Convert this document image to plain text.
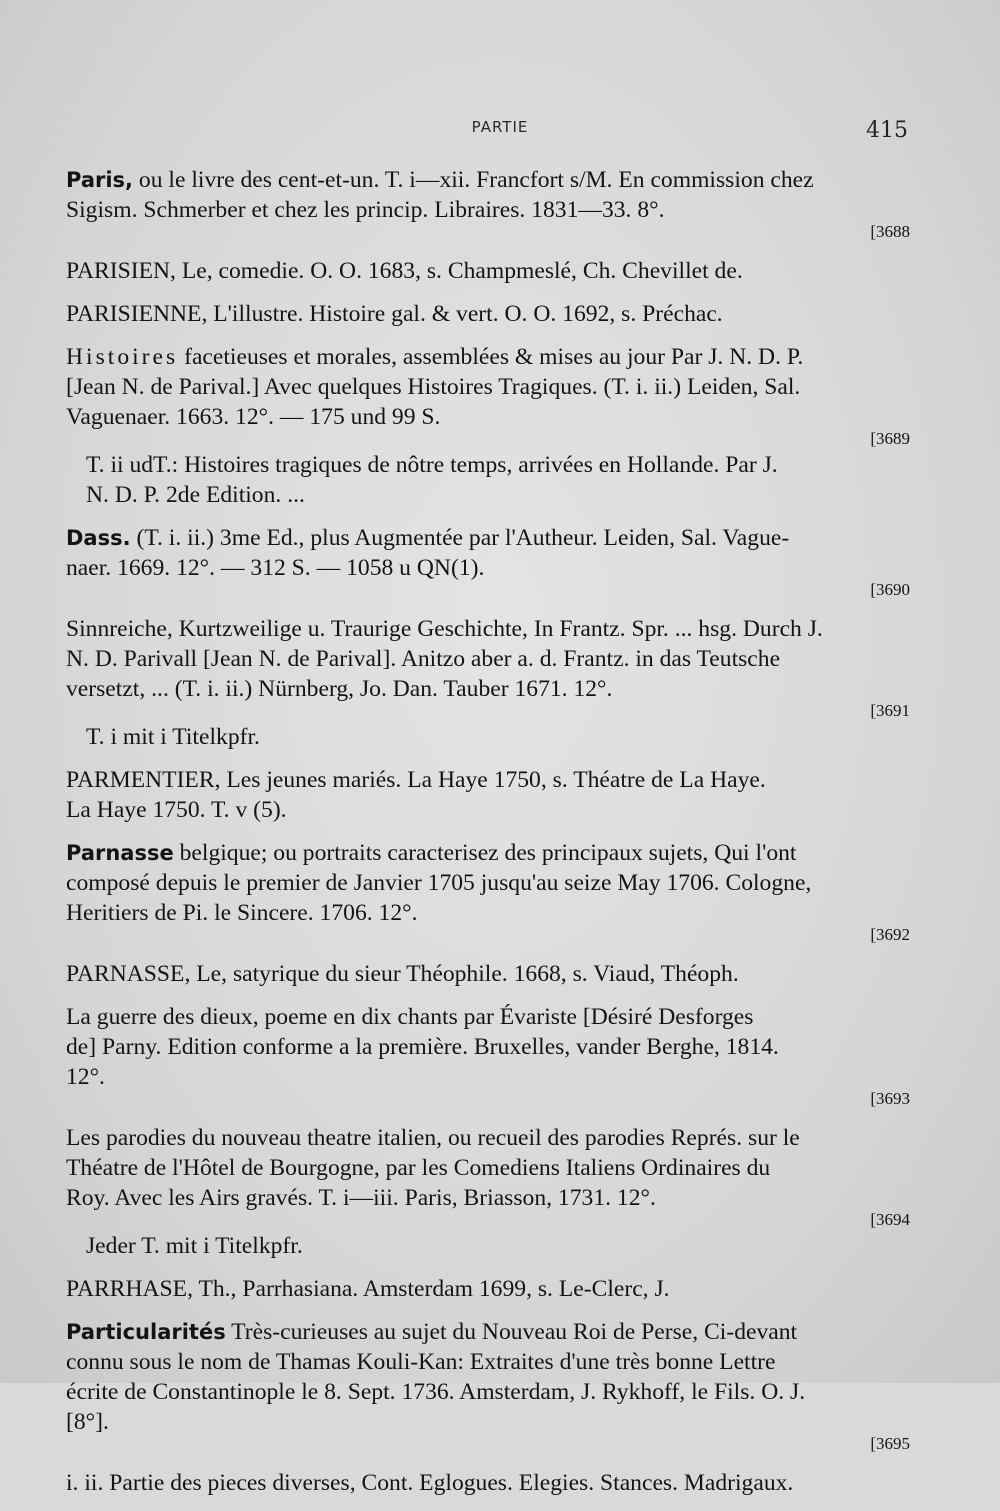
PARTIE	415
Paris, ou le livre des cent-et-un. T. i—xii. Francfort s/M. En commission chez
Sigism. Schmerber et chez les princip. Libraires. 1831—33. 8°.
[3688
PARISIEN, Le, comedie. O. O. 1683, s. Champmeslé, Ch. Chevillet de.
PARISIENNE, L'illustre. Histoire gal. & vert. O. O. 1692, s. Préchac.
Histoires facetieuses et morales, assemblées & mises au jour Par J. N. D. P.
[Jean N. de Parival.] Avec quelques Histoires Tragiques. (T. i. ii.) Leiden, Sal.
Vaguenaer. 1663. 12°. — 175 und 99 S.
[3689
T. ii udT.: Histoires tragiques de nôtre temps, arrivées en Hollande. Par J.
N. D. P. 2de Edition. ...
Dass. (T. i. ii.) 3me Ed., plus Augmentée par l'Autheur. Leiden, Sal. Vague-
naer. 1669. 12°. — 312 S. — 1058 u QN(1).
[3690
Sinnreiche, Kurtzweilige u. Traurige Geschichte, In Frantz. Spr. ... hsg. Durch J.
N. D. Parivall [Jean N. de Parival]. Anitzo aber a. d. Frantz. in das Teutsche
versetzt, ... (T. i. ii.) Nürnberg, Jo. Dan. Tauber 1671. 12°.
[3691
T. i mit i Titelkpfr.
PARMENTIER, Les jeunes mariés. La Haye 1750, s. Théatre de La Haye.
La Haye 1750. T. v (5).
Parnasse belgique; ou portraits caracterisez des principaux sujets, Qui l'ont
composé depuis le premier de Janvier 1705 jusqu'au seize May 1706. Cologne,
Heritiers de Pi. le Sincere. 1706. 12°.
[3692
PARNASSE, Le, satyrique du sieur Théophile. 1668, s. Viaud, Théoph.
La guerre des dieux, poeme en dix chants par Évariste [Désiré Desforges
de] Parny. Edition conforme a la première. Bruxelles, vander Berghe, 1814.
12°.
[3693
Les parodies du nouveau theatre italien, ou recueil des parodies Représ. sur le
Théatre de l'Hôtel de Bourgogne, par les Comediens Italiens Ordinaires du
Roy. Avec les Airs gravés. T. i—iii. Paris, Briasson, 1731. 12°.
[3694
Jeder T. mit i Titelkpfr.
PARRHASE, Th., Parrhasiana. Amsterdam 1699, s. Le-Clerc, J.
Particularités Très-curieuses au sujet du Nouveau Roi de Perse, Ci-devant
connu sous le nom de Thamas Kouli-Kan: Extraites d'une très bonne Lettre
écrite de Constantinople le 8. Sept. 1736. Amsterdam, J. Rykhoff, le Fils. O. J.
[8°].
[3695
i. ii. Partie des pieces diverses, Cont. Eglogues. Elegies. Stances. Madrigaux.
